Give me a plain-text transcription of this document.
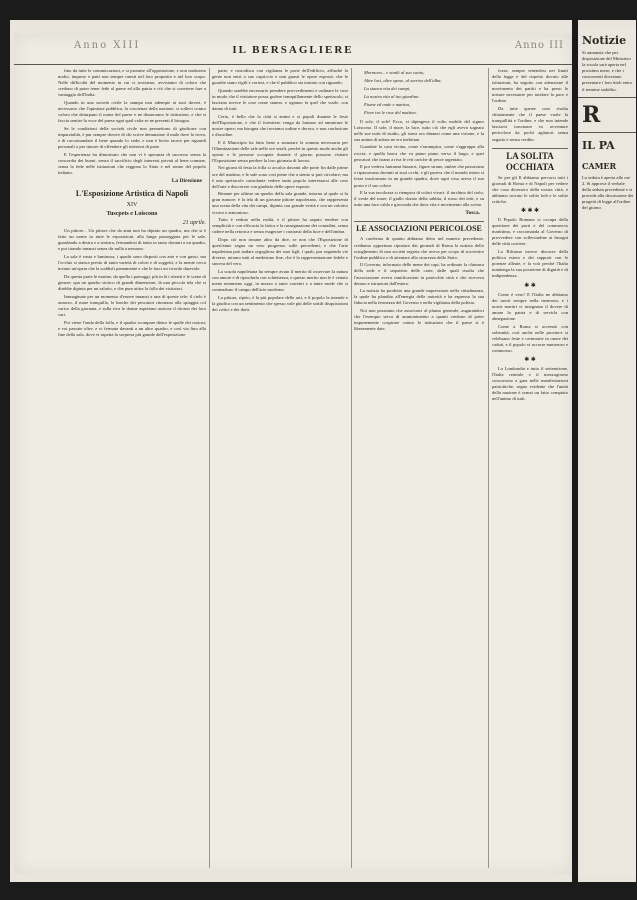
Anno XIII	IL BERSAGLIERE	Anno III

fino da tutte le comunicazioni, e si promise all'opposizione, e non tardarono molto, imprese e patti non sempre onesti nel loro proposito e nel loro scopo. Nelle difficoltà del momento in cui ci troviamo, avvisiamo di coloro che credono di poter tener fede al paese ed alla patria e ciò che si conviene fare a vantaggio dell'Italia.

Quando in una società civile la stampa non adempie ai suoi doveri, è necessario che l'opinione pubblica, la coscienza della nazione, si sollevi contro coloro che deturpano il nome del paese e ne disonorano le istituzioni, e che si faccia sentire la voce del paese ogni qual volta se ne presenti il bisogno.

Se le condizioni della società civile non permettono di giudicare con imparzialità, è pur sempre dovere di chi scrive denunziare il male dove lo trova, e di raccomandare il bene quando lo vede; e non è lecito tacere per riguardi personali o per timore di offendere gli interessi di parte.

E l'esperienza ha dimostrato che non vi è speranza di successo senza la concordia dei buoni, senza il sacrificio degli interessi privati al bene comune, senza la fede nelle istituzioni che reggono lo Stato e nel senno del popolo italiano.

La Direzione
L'Esposizione Artistica di Napoli
XIV
Tuscpets e Loiscono
21 aprile.

Un pittore... Un pittore che da anni non ha dipinto un quadro, ma che si è fatto un nome in tutte le esposizioni, alla lunga passeggiata per le sale, guardando a destra e a sinistra, fermandosi di tanto in tanto davanti a un quadro, e poi tirando innanzi senza dir nulla a nessuno.

La sala è vasta e luminosa, i quadri sono disposti con arte e con gusto, ma l'occhio si stanca presto di tanta varietà di colori e di soggetti, e la mente cerca invano un'opera che la soddisfi pienamente e che le lasci un ricordo durevole.

Da questa parte le marine, da quella i paesaggi, più in là i ritratti e le scene di genere; qua un quadro storico di grandi dimensioni, là una piccola tela che si direbbe dipinta per un salotto, e che pure attira la folla dei visitatori.

Immaginate per un momento d'essere innanzi a una di queste tele: il cielo è azzurro, il mare tranquillo, le barche dei pescatori ritornano alla spiaggia col carico della giornata, e sulla riva le donne aspettano ansiose il ritorno dei loro cari.

Poi viene l'onda della folla, e il quadro scompare dietro le spalle dei curiosi; e voi passate oltre, e vi fermate davanti a un altro quadro, e così via fino alla fine della sala, dove vi aspetta la sorpresa più grande dell'esposizione.

parte, e custodisca con vigilanza le porte dell'edificio, affinché la gente non entri a suo capriccio e non guasti le opere esposte; che le guardie siano vigili e cortesi, e che il pubblico sia trattato con riguardo.

Quando sarebbe necessario prendere provvedimenti e ordinare le cose in modo che il visitatore possa godere tranquillamente dello spettacolo, si lasciano invece le cose come stanno, e ognuno fa quel che vuole, con danno di tutti.

Certo, è bello che la città si animi e si popoli durante le feste dell'Esposizione, e che il forestiero venga da lontano ad ammirare le nostre opere; ma bisogna che troviamo ordine e decoro, e non confusione e disordine.

E il Municipio ha fatto bene a stanziare la somma necessaria per l'illuminazione delle sale nelle ore serali, perché in questo modo anche gli operai e le persone occupate durante il giorno possono visitare l'Esposizione senza perdere la loro giornata di lavoro.

Nei giorni di festa la folla si accalca davanti alle porte fin dalle prime ore del mattino, e le sale sono così piene che a stento si può circolare; ma è uno spettacolo consolante vedere tanto popolo interessarsi alle cose dell'arte e discorrere con giudizio delle opere esposte.

Rimane per ultimo un quadro della sala grande, intorno al quale si fa gran rumore: è la tela di un giovane pittore napoletano, che rappresenta una scena della vita dei campi, dipinta con grande verità e con un colorito vivace e armonioso.

Tutto è veduto nella realtà, e il pittore ha saputo rendere con semplicità e con efficacia la fatica e la rassegnazione dei contadini, senza cadere nella retorica e senza esagerare i contrasti della luce e dell'ombra.

Dopo ciò non rimane altro da dire, se non che l'Esposizione di quest'anno segna un vero progresso sulle precedenti, e che l'arte napoletana può andare orgogliosa dei suoi figli, i quali, pur seguendo vie diverse, mirano tutti al medesimo fine, che è la rappresentazione fedele e sincera del vero.

La scuola napoletana ha sempre avuto il merito di osservare la natura con amore e di riprodurla con schiettezza, e questo merito non le è venuto meno nemmeno oggi, in mezzo a tante correnti e a tante mode che si contendono il campo dell'arte moderna.

La pittura, ripeto, è la più popolare delle arti, e il popolo la intende e la giudica con un sentimento che spesso vale più delle sottili disquisizioni dei critici e dei dotti.

Mormora... e simili al suo canto,
Altre luci, altre spose, al sorriso dell'alba,
La stanca vita dei campi,
La nostra vita al tuo giardino.
Fiume ed onde e marina,
Fiore tra le rose del mattino.

Il sole, il sole! Ecco, si dipingeva il volto mobile del signor Loiscono. Il sole, il mare, la luce, tutto ciò che egli aveva sognato nelle sue notti di studio, gli stava ora dinanzi come una visione, e la sua anima di artista ne era inebriata.

Guardate la casa vicina, come s'arrampica, come s'aggrappa alla roccia; e quella barca che va piano piano verso il largo, e quei pescatori che tirano a riva le reti cariche di pesce argentato.

E poi vedeva fantasmi bizzarri, figure strane, ombre che passavano e ripassavano davanti ai suoi occhi, e gli pareva che il mondo intero si fosse trasformato in un grande quadro, dove ogni cosa aveva il suo posto e il suo colore.

E la sua tavolozza si riempiva di colori vivaci: il turchino del cielo, il verde del mare, il giallo dorato della sabbia, il rosso dei tetti, e su tutto una luce calda e gioconda che dava vita e movimento alla scena.

Tosca.
LE ASSOCIAZIONI PERICOLOSE

A conferma di quanto abbiamo detto nel numero precedente, crediamo opportuno riportare dai giornali di Roma la notizia dello scioglimento di una società segreta che aveva per scopo di sovvertire l'ordine pubblico e di attentare alla sicurezza dello Stato.

Il Governo, informato delle mene dei capi, ha ordinato la chiusura della sede e il sequestro delle carte, dalle quali risulta che l'associazione aveva ramificazioni in parecchie città e che riceveva denaro e istruzioni dall'estero.

La notizia ha prodotto una grande impressione nella cittadinanza, la quale ha plaudito all'energia delle autorità e ha espresso la sua fiducia nella fermezza del Governo e nella vigilanza della polizia.

Noi non possiamo che associarci al plauso generale, augurandoci che l'esempio serva di ammonimento a quanti credono di poter impunemente cospirare contro le istituzioni che il paese si è liberamente date.

forza, sempre tenendosi nei limiti della legge e del rispetto dovuto alle istituzioni, ha seguito con attenzione il movimento dei partiti e ha preso le misure necessarie per tutelare la pace e l'ordine.

Da tutte queste cose risulta chiaramente che il paese vuole la tranquillità e l'ordine, e che non intende lasciarsi trascinare in avventure pericolose da pochi agitatori senza seguito e senza credito.

LA SOLITA OCCHIATA

Se per gli Il abbiamo percorsi tutti i giornali di Roma e di Napoli per vedere che cosa dicessero della nostra città, e abbiamo trovato le solite lodi e le solite critiche.

✱ ✱ ✱

Il Popolo Romano si occupa della questione dei porti e del commercio marittimo, e raccomanda al Governo di provvedere con sollecitudine ai bisogni delle città costiere.

La Riforma invece discorre della politica estera e dei rapporti con le potenze alleate, e fa voti perché l'Italia mantenga la sua posizione di dignità e di indipendenza.

✱ ✱

Come è vero! E l'Italia ne abbiamo dei morti sempre nella memoria, e i nostri martiri ci insegnano il dovere di amare la patria e di servirla con abnegazione.

Come a Roma si accennò con solennità, così anche nelle province si celebrano feste e cerimonie in onore dei caduti, e il popolo vi accorre numeroso e commosso.

✱ ✱

La Lombardia e tutto il settentrione, l'Italia centrale e il mezzogiorno concorrono a gara nelle manifestazioni patriottiche, segno evidente che l'unità della nazione è ormai un fatto compiuto nell'animo di tutti.

Notizie
Si annunzia che per disposizione del Ministero la scuola sarà aperta nel prossimo mese, e che i concorrenti dovranno presentare i loro titoli entro il termine stabilito.
R
IL PA
CAMER
La seduta è aperta alle ore 2. Si approva il verbale della seduta precedente e si procede alla discussione dei progetti di legge all'ordine del giorno.
